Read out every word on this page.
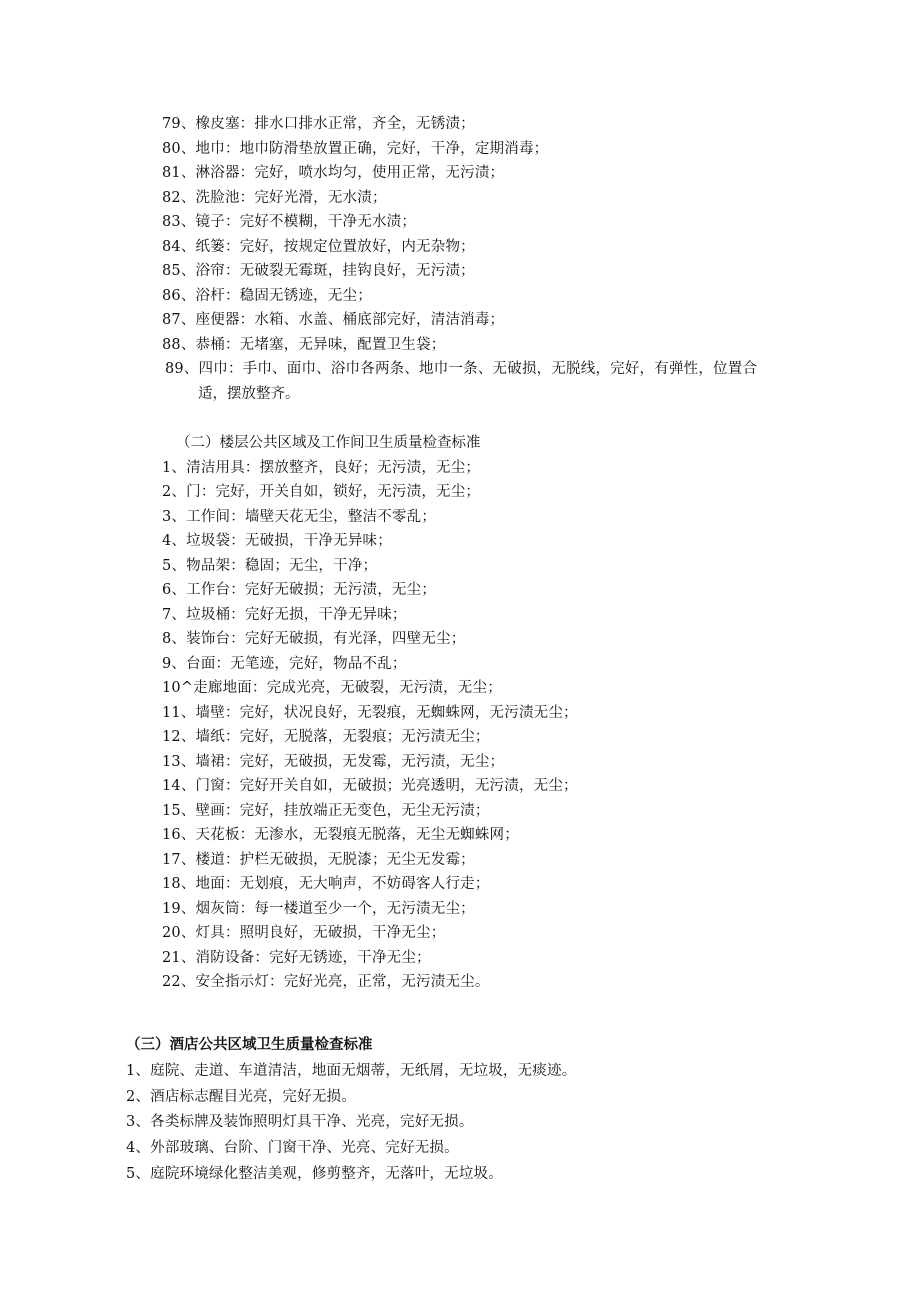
79、橡皮塞：排水口排水正常，齐全，无锈渍；
80、地巾：地巾防滑垫放置正确，完好，干净，定期消毒；
81、淋浴器：完好，喷水均匀，使用正常，无污渍；
82、洗脸池：完好光滑，无水渍；
83、镜子：完好不模糊，干净无水渍；
84、纸篓：完好，按规定位置放好，内无杂物；
85、浴帘：无破裂无霉斑，挂钩良好，无污渍；
86、浴杆：稳固无锈迹，无尘；
87、座便器：水箱、水盖、桶底部完好，清洁消毒；
88、恭桶：无堵塞，无异味，配置卫生袋；
89、四巾：手巾、面巾、浴巾各两条、地巾一条、无破损，无脱线，完好，有弹性，位置合
适，摆放整齐。
（二）楼层公共区域及工作间卫生质量检查标准
1、清洁用具：摆放整齐，良好；无污渍，无尘；
2、门：完好，开关自如，锁好，无污渍，无尘；
3、工作间：墙壁天花无尘，整洁不零乱；
4、垃圾袋：无破损，干净无异味；
5、物品架：稳固；无尘，干净；
6、工作台：完好无破损；无污渍，无尘；
7、垃圾桶：完好无损，干净无异味；
8、装饰台：完好无破损，有光泽，四壁无尘；
9、台面：无笔迹，完好，物品不乱；
10^走廊地面：完成光亮，无破裂，无污渍，无尘；
11、墙壁：完好，状况良好，无裂痕，无蜘蛛网，无污渍无尘；
12、墙纸：完好，无脱落，无裂痕；无污渍无尘；
13、墙裙：完好，无破损，无发霉，无污渍，无尘；
14、门窗：完好开关自如，无破损；光亮透明，无污渍，无尘；
15、壁画：完好，挂放端正无变色，无尘无污渍；
16、天花板：无渗水，无裂痕无脱落，无尘无蜘蛛网；
17、楼道：护栏无破损，无脱漆；无尘无发霉；
18、地面：无划痕，无大响声，不妨碍客人行走；
19、烟灰筒：每一楼道至少一个，无污渍无尘；
20、灯具：照明良好，无破损，干净无尘；
21、消防设备：完好无锈迹，干净无尘；
22、安全指示灯：完好光亮，正常，无污渍无尘。
（三）酒店公共区域卫生质量检查标准
1、庭院、走道、车道清洁，地面无烟蒂，无纸屑，无垃圾，无痰迹。
2、酒店标志醒目光亮，完好无损。
3、各类标牌及装饰照明灯具干净、光亮，完好无损。
4、外部玻璃、台阶、门窗干净、光亮、完好无损。
5、庭院环境绿化整洁美观，修剪整齐，无落叶，无垃圾。
